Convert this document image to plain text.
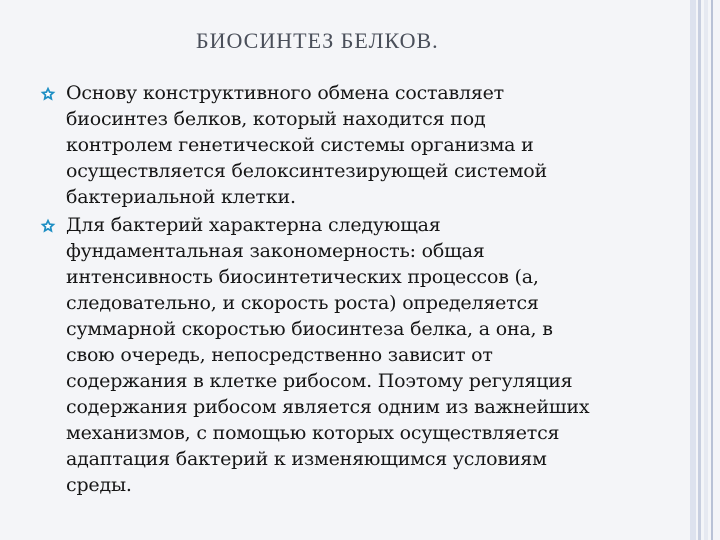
БИОСИНТЕЗ БЕЛКОВ.
Основу конструктивного обмена составляет
биосинтез белков, который находится под
контролем генетической системы организма и
осуществляется белоксинтезирующей системой
бактериальной клетки.
Для бактерий характерна следующая
фундаментальная закономерность: общая
интенсивность биосинтетических процессов (а,
следовательно, и скорость роста) определяется
суммарной скоростью биосинтеза белка, а она, в
свою очередь, непосредственно зависит от
содержания в клетке рибосом. Поэтому регуляция
содержания рибосом является одним из важнейших
механизмов, с помощью которых осуществляется
адаптация бактерий к изменяющимся условиям
среды.
